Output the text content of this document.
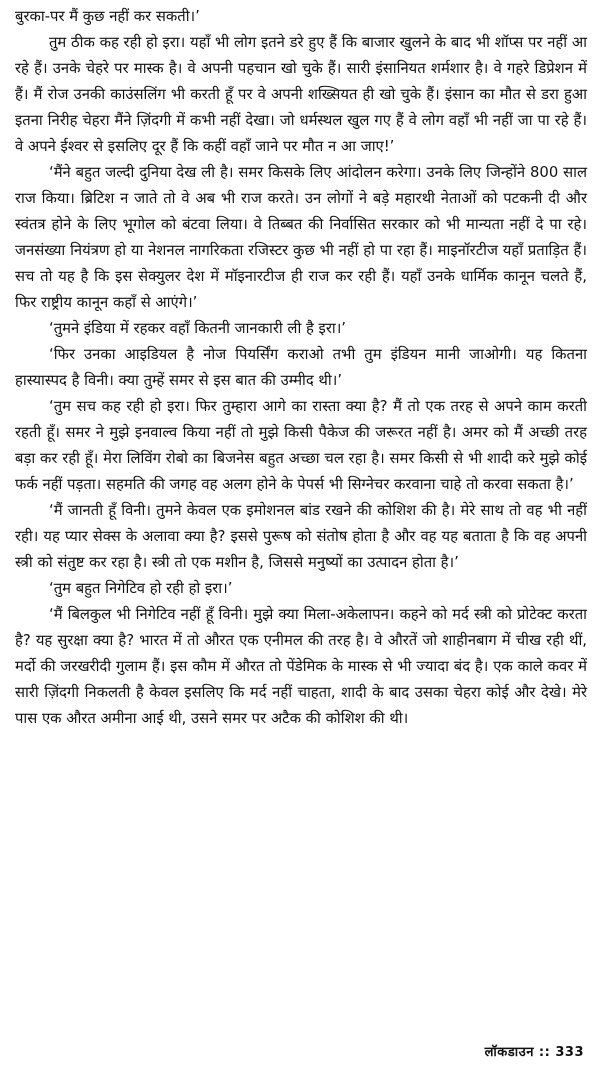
बुरका-पर मैं कुछ नहीं कर सकती।’

तुम ठीक कह रही हो इरा। यहाँ भी लोग इतने डरे हुए हैं कि बाजार खुलने के बाद भी शॉप्स पर नहीं आ रहे हैं। उनके चेहरे पर मास्क है। वे अपनी पहचान खो चुके हैं। सारी इंसानियत शर्मशार है। वे गहरे डिप्रेशन में हैं। मैं रोज उनकी काउंसलिंग भी करती हूँ पर वे अपनी शख्सियत ही खो चुके हैं। इंसान का मौत से डरा हुआ इतना निरीह चेहरा मैंने ज़िंदगी में कभी नहीं देखा। जो धर्मस्थल खुल गए हैं वे लोग वहाँ भी नहीं जा पा रहे हैं। वे अपने ईश्वर से इसलिए दूर हैं कि कहीं वहाँ जाने पर मौत न आ जाए!’

‘मैंने बहुत जल्दी दुनिया देख ली है। समर किसके लिए आंदोलन करेगा। उनके लिए जिन्होंने 800 साल राज किया। ब्रिटिश न जाते तो वे अब भी राज करते। उन लोगों ने बड़े महारथी नेताओं को पटकनी दी और स्वंतत्र होने के लिए भूगोल को बंटवा लिया। वे तिब्बत की निर्वासित सरकार को भी मान्यता नहीं दे पा रहे। जनसंख्या नियंत्रण हो या नेशनल नागरिकता रजिस्टर कुछ भी नहीं हो पा रहा हैं। माइनॉरटीज यहाँ प्रताड़ित हैं। सच तो यह है कि इस सेक्युलर देश में मॉइनारटीज ही राज कर रही हैं। यहाँ उनके धार्मिक कानून चलते हैं, फिर राष्ट्रीय कानून कहाँ से आएंगे।’

‘तुमने इंडिया में रहकर वहाँ कितनी जानकारी ली है इरा।’

‘फिर उनका आइडियल है नोज पियर्सिंग कराओ तभी तुम इंडियन मानी जाओगी। यह कितना हास्यास्पद है विनी। क्या तुम्हें समर से इस बात की उम्मीद थी।’

‘तुम सच कह रही हो इरा। फिर तुम्हारा आगे का रास्ता क्या है? मैं तो एक तरह से अपने काम करती रहती हूँ। समर ने मुझे इनवाल्व किया नहीं तो मुझे किसी पैकेज की जरूरत नहीं है। अमर को मैं अच्छी तरह बड़ा कर रही हूँ। मेरा लिविंग रोबो का बिजनेस बहुत अच्छा चल रहा है। समर किसी से भी शादी करे मुझे कोई फर्क नहीं पड़ता। सहमति की जगह वह अलग होने के पेपर्स भी सिग्नेचर करवाना चाहे तो करवा सकता है।’

‘मैं जानती हूँ विनी। तुमने केवल एक इमोशनल बांड रखने की कोशिश की है। मेरे साथ तो वह भी नहीं रही। यह प्यार सेक्स के अलावा क्या है? इससे पुरूष को संतोष होता है और वह यह बताता है कि वह अपनी स्त्री को संतुष्ट कर रहा है। स्त्री तो एक मशीन है, जिससे मनुष्यों का उत्पादन होता है।’

‘तुम बहुत निगेटिव हो रही हो इरा।’

‘मैं बिलकुल भी निगेटिव नहीं हूँ विनी। मुझे क्या मिला-अकेलापन। कहने को मर्द स्त्री को प्रोटेक्ट करता है? यह सुरक्षा क्या है? भारत में तो औरत एक एनीमल की तरह है। वे औरतें जो शाहीनबाग में चीख रही थीं, मर्दो की जरखरीदी गुलाम हैं। इस कौम में औरत तो पेंडेमिक के मास्क से भी ज्यादा बंद है। एक काले कवर में सारी ज़िंदगी निकलती है केवल इसलिए कि मर्द नहीं चाहता, शादी के बाद उसका चेहरा कोई और देखे। मेरे पास एक औरत अमीना आई थी, उसने समर पर अटैक की कोशिश की थी।

लॉकडाउन :: 333
